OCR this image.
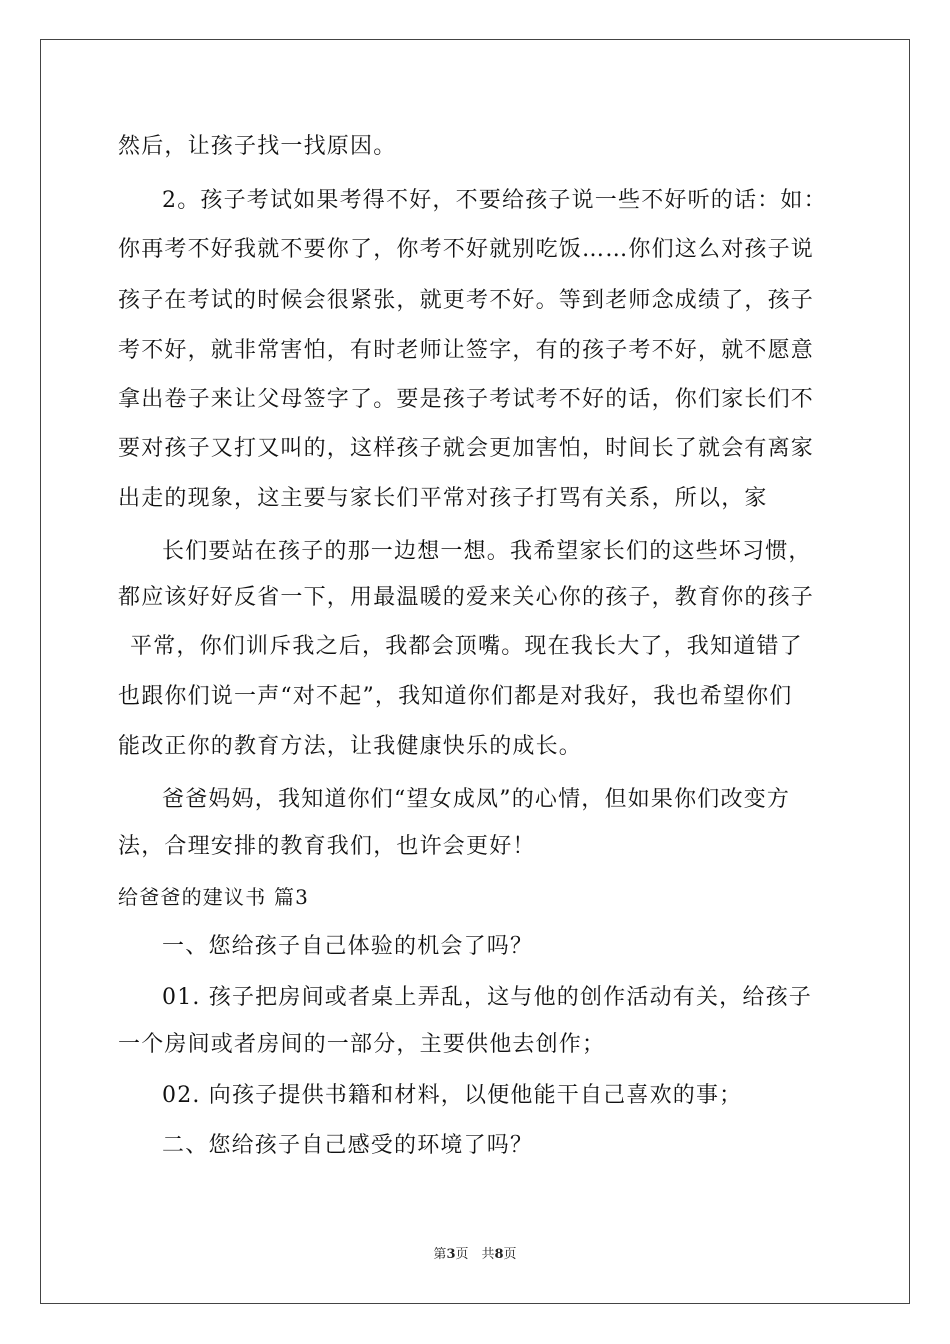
然后，让孩子找一找原因。
2。孩子考试如果考得不好，不要给孩子说一些不好听的话：如：
你再考不好我就不要你了，你考不好就别吃饭……你们这么对孩子说
孩子在考试的时候会很紧张，就更考不好。等到老师念成绩了，孩子
考不好，就非常害怕，有时老师让签字，有的孩子考不好，就不愿意
拿出卷子来让父母签字了。要是孩子考试考不好的话，你们家长们不
要对孩子又打又叫的，这样孩子就会更加害怕，时间长了就会有离家
出走的现象，这主要与家长们平常对孩子打骂有关系，所以，家
长们要站在孩子的那一边想一想。我希望家长们的这些坏习惯，
都应该好好反省一下，用最温暖的爱来关心你的孩子，教育你的孩子
平常，你们训斥我之后，我都会顶嘴。现在我长大了，我知道错了
也跟你们说一声“对不起”，我知道你们都是对我好，我也希望你们
能改正你的教育方法，让我健康快乐的成长。
爸爸妈妈，我知道你们“望女成凤”的心情，但如果你们改变方
法，合理安排的教育我们，也许会更好！
给爸爸的建议书 篇3
一、您给孩子自己体验的机会了吗？
01. 孩子把房间或者桌上弄乱，这与他的创作活动有关，给孩子
一个房间或者房间的一部分，主要供他去创作；
02. 向孩子提供书籍和材料，以便他能干自己喜欢的事；
二、您给孩子自己感受的环境了吗？
第3页　共8页
